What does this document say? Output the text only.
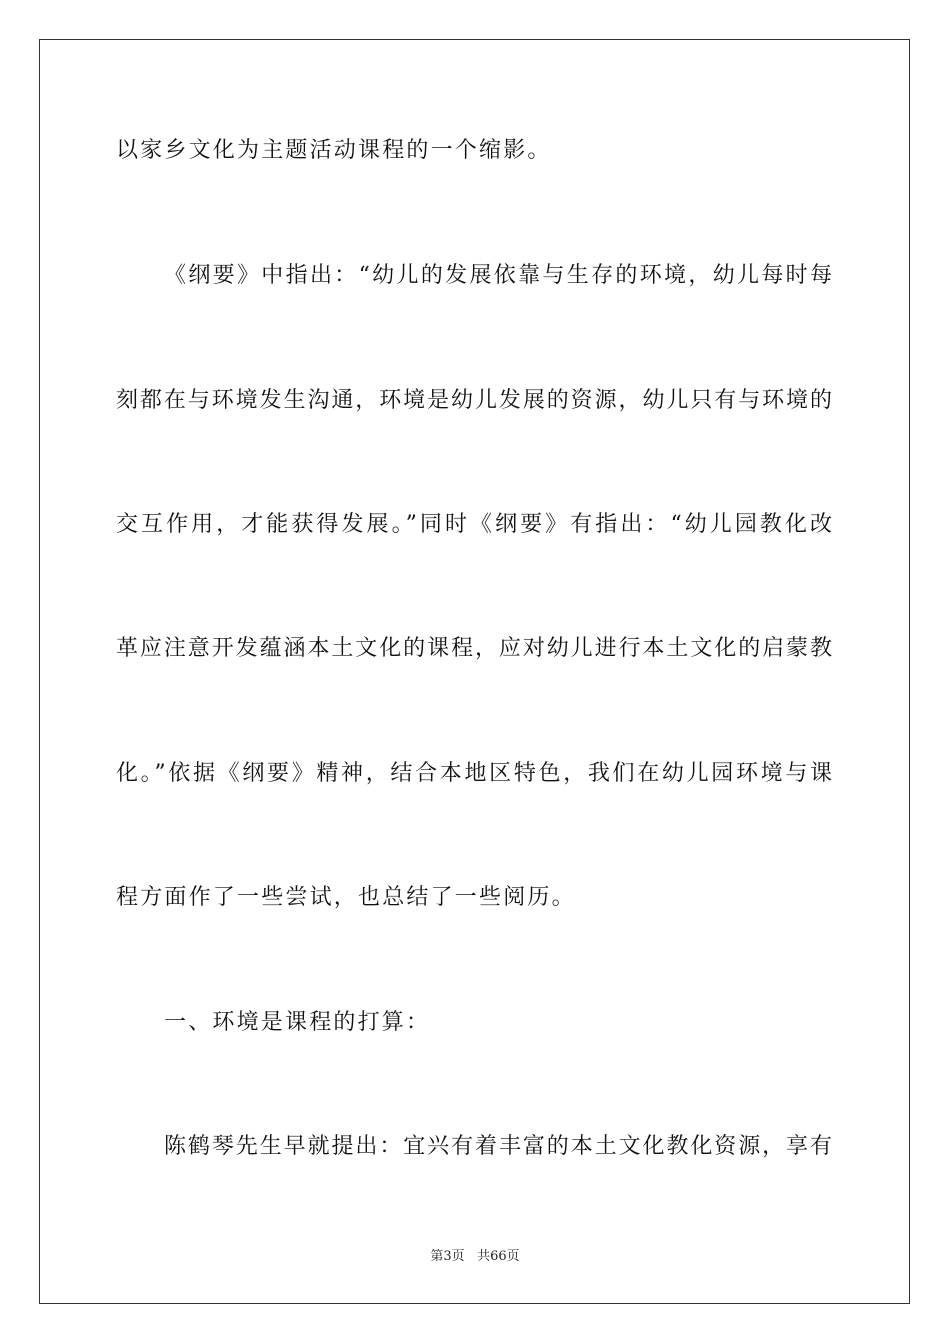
以家乡文化为主题活动课程的一个缩影。
《纲要》中指出：“幼儿的发展依靠与生存的环境，幼儿每时每
刻都在与环境发生沟通，环境是幼儿发展的资源，幼儿只有与环境的
交互作用，才能获得发展。”同时《纲要》有指出：“幼儿园教化改
革应注意开发蕴涵本土文化的课程，应对幼儿进行本土文化的启蒙教
化。”依据《纲要》精神，结合本地区特色，我们在幼儿园环境与课
程方面作了一些尝试，也总结了一些阅历。
一、环境是课程的打算：
陈鹤琴先生早就提出：宜兴有着丰富的本土文化教化资源，享有
第3页 共66页
